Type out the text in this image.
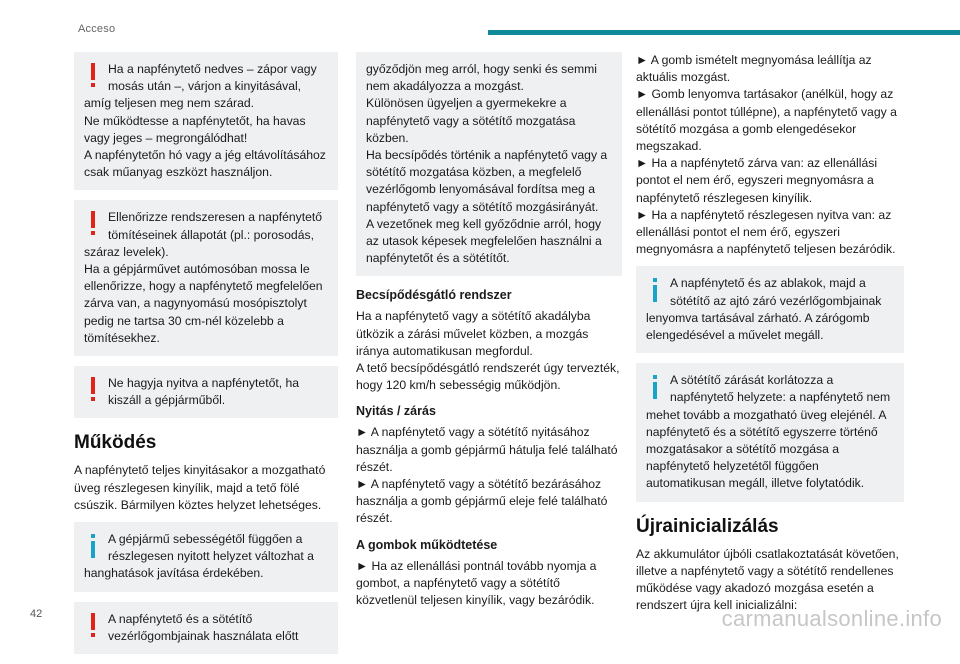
Acceso

Ha a napfénytető nedves – zápor vagy mosás után –, várjon a kinyitásával, amíg teljesen meg nem szárad.
Ne működtesse a napfénytetőt, ha havas vagy jeges – megrongálódhat!
A napfénytetőn hó vagy a jég eltávolításához csak műanyag eszközt használjon.

Ellenőrizze rendszeresen a napfénytető tömítéseinek állapotát (pl.: porosodás, száraz levelek).
Ha a gépjárművet autómosóban mossa le ellenőrizze, hogy a napfénytető megfelelően zárva van, a nagynyomású mosópisztolyt pedig ne tartsa 30 cm-nél közelebb a tömítésekhez.

Ne hagyja nyitva a napfénytetőt, ha kiszáll a gépjárműből.

Működés

A napfénytető teljes kinyitásakor a mozgatható üveg részlegesen kinyílik, majd a tető fölé csúszik. Bármilyen köztes helyzet lehetséges.

A gépjármű sebességétől függően a részlegesen nyitott helyzet változhat a hanghatások javítása érdekében.

A napfénytető és a sötétítő vezérlőgombjainak használata előtt

győződjön meg arról, hogy senki és semmi nem akadályozza a mozgást.
Különösen ügyeljen a gyermekekre a napfénytető vagy a sötétítő mozgatása közben.
Ha becsípődés történik a napfénytető vagy a sötétítő mozgatása közben, a megfelelő vezérlőgomb lenyomásával fordítsa meg a napfénytető vagy a sötétítő mozgásirányát.
A vezetőnek meg kell győződnie arról, hogy az utasok képesek megfelelően használni a napfénytetőt és a sötétítőt.

Becsípődésgátló rendszer

Ha a napfénytető vagy a sötétítő akadályba ütközik a zárási művelet közben, a mozgás iránya automatikusan megfordul.
A tető becsípődésgátló rendszerét úgy tervezték, hogy 120 km/h sebességig működjön.

Nyitás / zárás

► A napfénytető vagy a sötétítő nyitásához használja a gomb gépjármű hátulja felé található részét.
► A napfénytető vagy a sötétítő bezárásához használja a gomb gépjármű eleje felé található részét.

A gombok működtetése

► Ha az ellenállási pontnál tovább nyomja a gombot, a napfénytető vagy a sötétítő közvetlenül teljesen kinyílik, vagy bezáródik.

► A gomb ismételt megnyomása leállítja az aktuális mozgást.
► Gomb lenyomva tartásakor (anélkül, hogy az ellenállási pontot túllépne), a napfénytető vagy a sötétítő mozgása a gomb elengedésekor megszakad.
► Ha a napfénytető zárva van: az ellenállási pontot el nem érő, egyszeri megnyomásra a napfénytető részlegesen kinyílik.
► Ha a napfénytető részlegesen nyitva van: az ellenállási pontot el nem érő, egyszeri megnyomásra a napfénytető teljesen bezáródik.

A napfénytető és az ablakok, majd a sötétítő az ajtó záró vezérlőgombjainak lenyomva tartásával zárható. A zárógomb elengedésével a művelet megáll.

A sötétítő zárását korlátozza a napfénytető helyzete: a napfénytető nem mehet tovább a mozgatható üveg elejénél. A napfénytető és a sötétítő egyszerre történő mozgatásakor a sötétítő mozgása a napfénytető helyzetétől függően automatikusan megáll, illetve folytatódik.

Újrainicializálás

Az akkumulátor újbóli csatlakoztatását követően, illetve a napfénytető vagy a sötétítő rendellenes működése vagy akadozó mozgása esetén a rendszert újra kell inicializálni:

42	carmanualsonline.info
